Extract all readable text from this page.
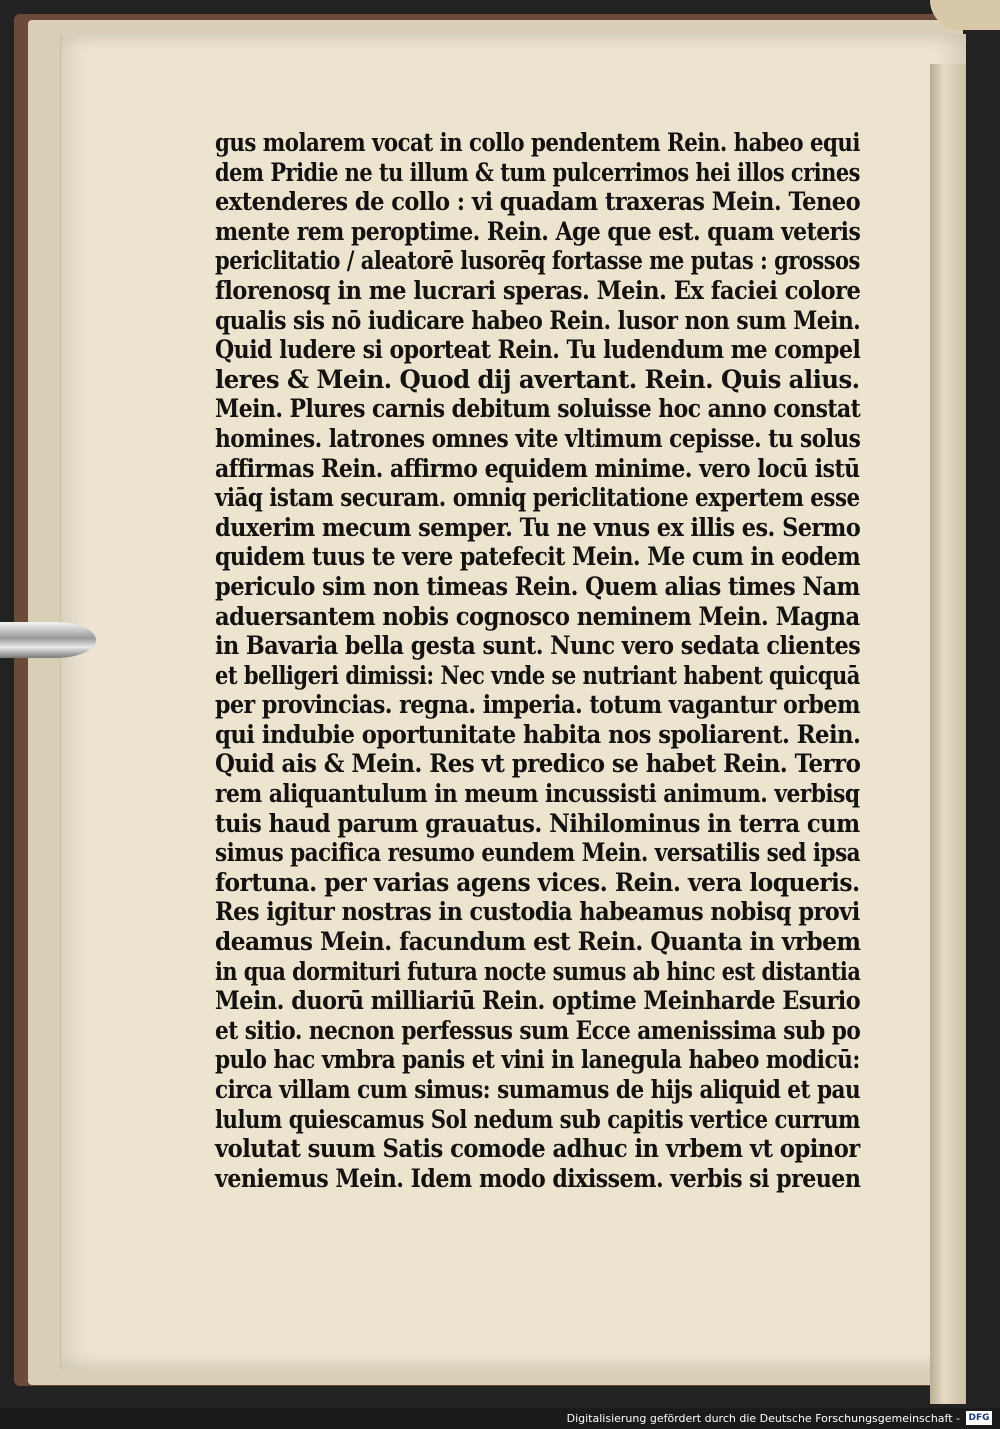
gus molarem vocat in collo pendentem Rein. habeo equi
dem Pridie ne tu illum & tum pulcerrimos hei illos crines
extenderes de collo : vi quadam traxeras Mein. Teneo
mente rem peroptime. Rein. Age que est. quam veteris
periclitatio / aleatorē lusorēq fortasse me putas : grossos
florenosq in me lucrari speras. Mein. Ex faciei colore
qualis sis nō iudicare habeo Rein. lusor non sum Mein.
Quid ludere si oporteat Rein. Tu ludendum me compel
leres & Mein. Quod dij avertant. Rein. Quis alius.
Mein. Plures carnis debitum soluisse hoc anno constat
homines. latrones omnes vite vltimum cepisse. tu solus
affirmas Rein. affirmo equidem minime. vero locū istū
viāq istam securam. omniq periclitatione expertem esse
duxerim mecum semper. Tu ne vnus ex illis es. Sermo
quidem tuus te vere patefecit Mein. Me cum in eodem
periculo sim non timeas Rein. Quem alias times Nam
aduersantem nobis cognosco neminem Mein. Magna
in Bavaria bella gesta sunt. Nunc vero sedata clientes
et belligeri dimissi: Nec vnde se nutriant habent quicquā
per provincias. regna. imperia. totum vagantur orbem
qui indubie oportunitate habita nos spoliarent. Rein.
Quid ais & Mein. Res vt predico se habet Rein. Terro
rem aliquantulum in meum incussisti animum. verbisq
tuis haud parum grauatus. Nihilominus in terra cum
simus pacifica resumo eundem Mein. versatilis sed ipsa
fortuna. per varias agens vices. Rein. vera loqueris.
Res igitur nostras in custodia habeamus nobisq provi
deamus Mein. facundum est Rein. Quanta in vrbem
in qua dormituri futura nocte sumus ab hinc est distantia
Mein. duorū milliariū Rein. optime Meinharde Esurio
et sitio. necnon perfessus sum Ecce amenissima sub po
pulo hac vmbra panis et vini in lanegula habeo modicū:
circa villam cum simus: sumamus de hijs aliquid et pau
lulum quiescamus Sol nedum sub capitis vertice currum
volutat suum Satis comode adhuc in vrbem vt opinor
veniemus Mein. Idem modo dixissem. verbis si preuen
Digitalisierung gefördert durch die Deutsche Forschungsgemeinschaft - DFG
